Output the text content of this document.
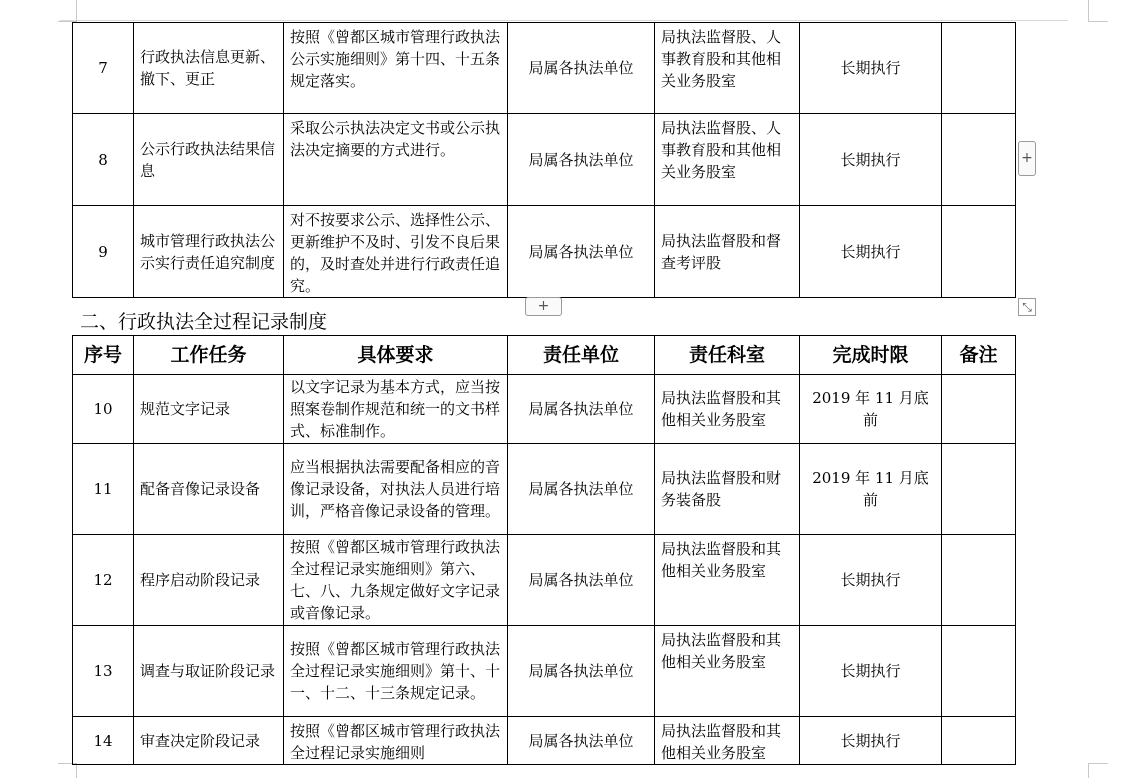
7	行政执法信息更新、撤下、更正	按照《曾都区城市管理行政执法公示实施细则》第十四、十五条规定落实。	局属各执法单位	局执法监督股、人事教育股和其他相关业务股室	长期执行	
8	公示行政执法结果信息	采取公示执法决定文书或公示执法决定摘要的方式进行。	局属各执法单位	局执法监督股、人事教育股和其他相关业务股室	长期执行	
9	城市管理行政执法公示实行责任追究制度	对不按要求公示、选择性公示、更新维护不及时、引发不良后果的，及时查处并进行行政责任追究。	局属各执法单位	局执法监督股和督查考评股	长期执行	
+
+	⤡
二、行政执法全过程记录制度
序号	工作任务	具体要求	责任单位	责任科室	完成时限	备注
10	规范文字记录	以文字记录为基本方式，应当按照案卷制作规范和统一的文书样式、标准制作。	局属各执法单位	局执法监督股和其他相关业务股室	2019 年 11 月底前	
11	配备音像记录设备	应当根据执法需要配备相应的音像记录设备，对执法人员进行培训，严格音像记录设备的管理。	局属各执法单位	局执法监督股和财务装备股	2019 年 11 月底前	
12	程序启动阶段记录	按照《曾都区城市管理行政执法全过程记录实施细则》第六、七、八、九条规定做好文字记录或音像记录。	局属各执法单位	局执法监督股和其他相关业务股室	长期执行	
13	调查与取证阶段记录	按照《曾都区城市管理行政执法全过程记录实施细则》第十、十一、十二、十三条规定记录。	局属各执法单位	局执法监督股和其他相关业务股室	长期执行	
14	审查决定阶段记录	按照《曾都区城市管理行政执法全过程记录实施细则	局属各执法单位	局执法监督股和其他相关业务股室	长期执行	
